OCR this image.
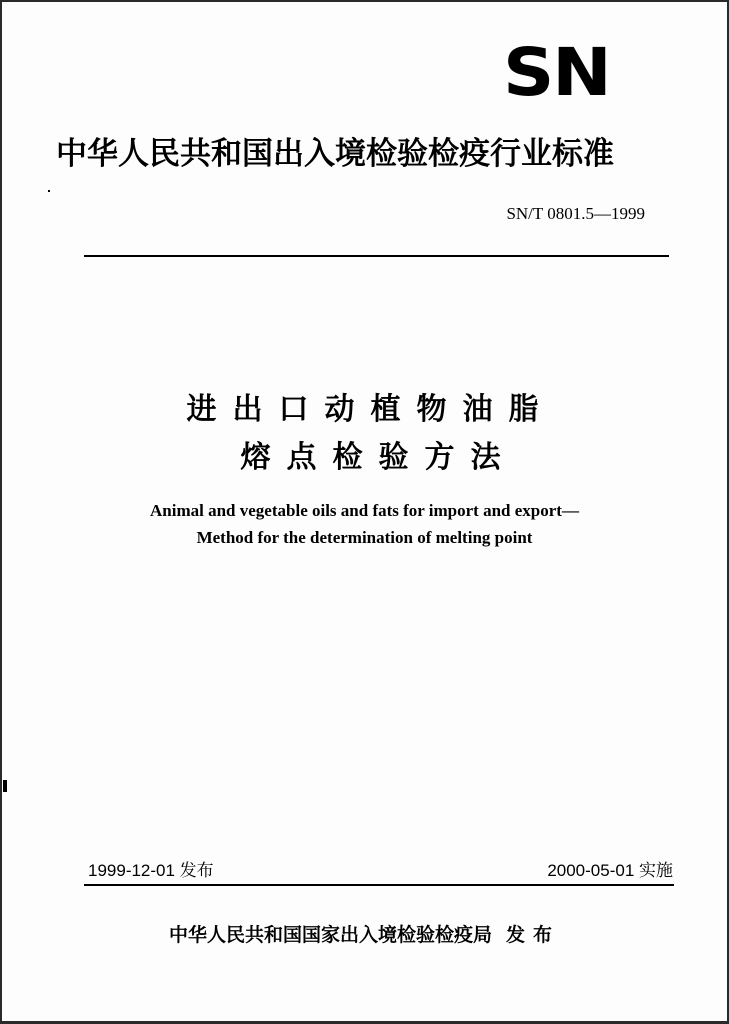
SN
中华人民共和国出入境检验检疫行业标准
SN/T 0801.5—1999
进出口动植物油脂
熔点检验方法
Animal and vegetable oils and fats for import and export—
Method for the determination of melting point
1999-12-01 发布	2000-05-01 实施
中华人民共和国国家出入境检验检疫局 发布
